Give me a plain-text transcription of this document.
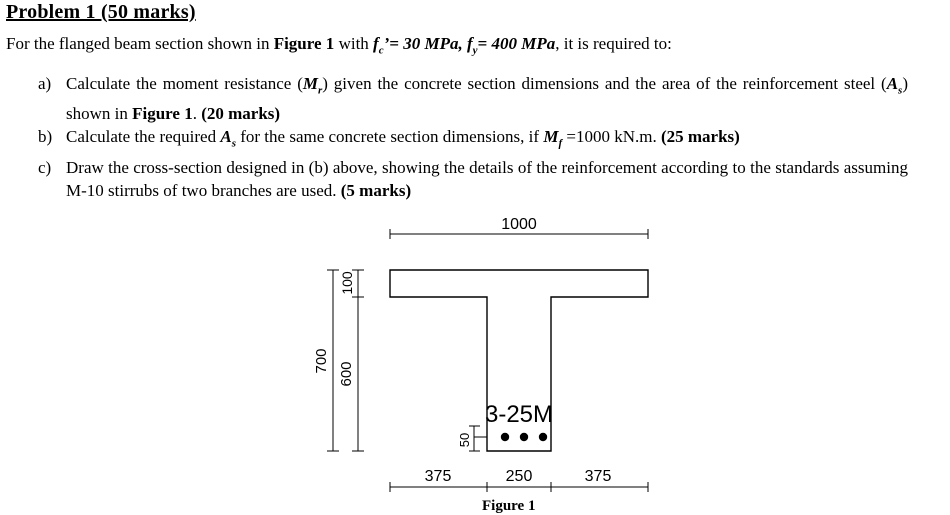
Problem 1 (50 marks)
For the flanged beam section shown in Figure 1 with $f_c’= 30$ MPa, $f_y= 400$ MPa, it is required to:
a) Calculate the moment resistance $(M_r)$ given the concrete section dimensions and the area of the reinforcement steel $(A_s)$ shown in Figure 1. (20 marks)
b) Calculate the required $A_s$ for the same concrete section dimensions, if $M_f =1000$ kN.m. (25 marks)
c) Draw the cross-section designed in (b) above, showing the details of the reinforcement according to the standards assuming M-10 stirrubs of two branches are used. (5 marks)
1000
3-25M
700
100
600
50
375	250	375
Figure 1
